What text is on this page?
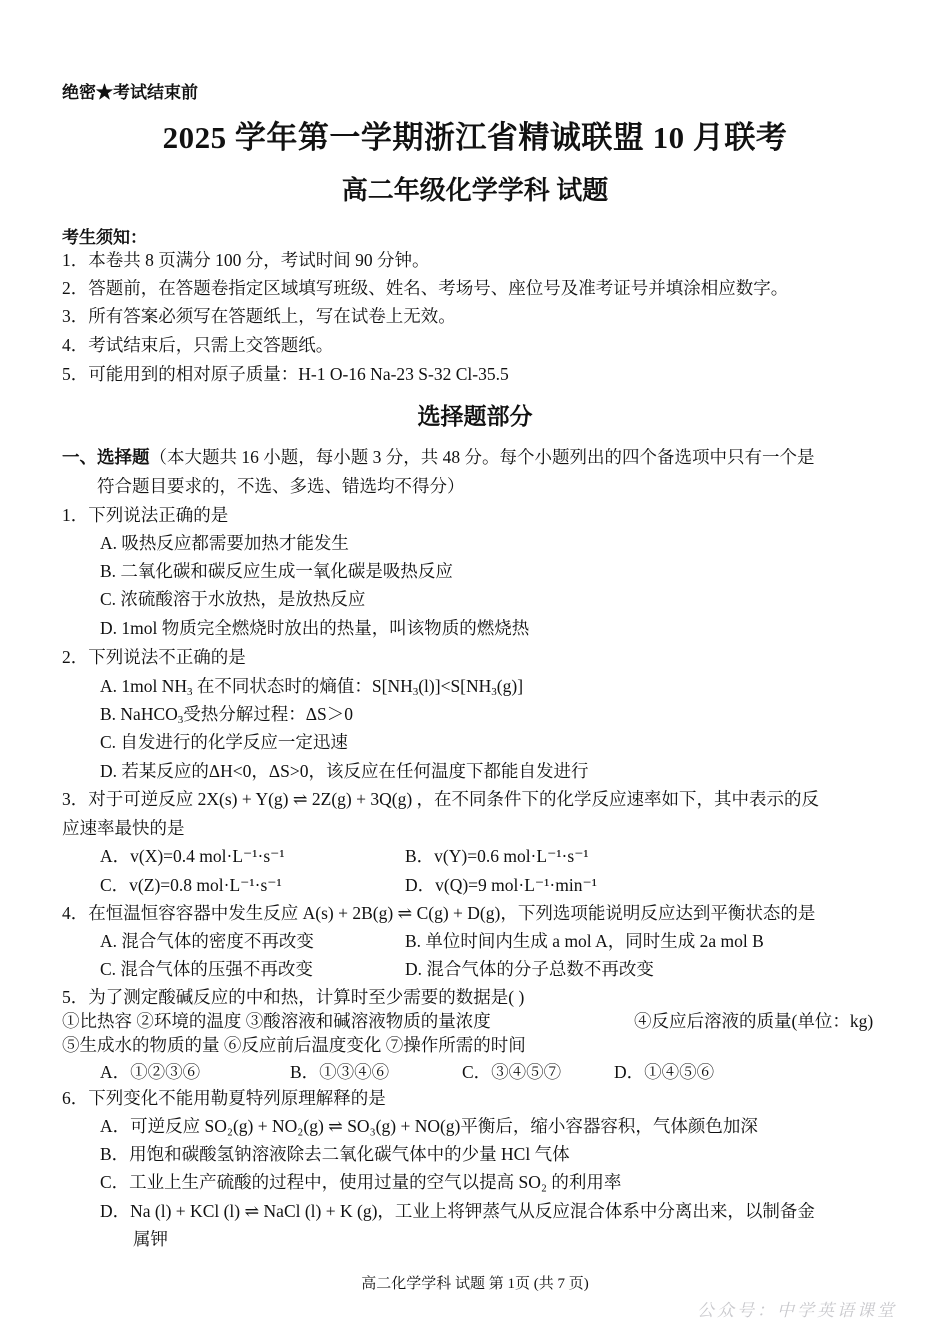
绝密★考试结束前
2025 学年第一学期浙江省精诚联盟 10 月联考
高二年级化学学科 试题
考生须知：
1．本卷共 8 页满分 100 分，考试时间 90 分钟。
2．答题前，在答题卷指定区域填写班级、姓名、考场号、座位号及准考证号并填涂相应数字。
3．所有答案必须写在答题纸上，写在试卷上无效。
4．考试结束后，只需上交答题纸。
5．可能用到的相对原子质量：H-1 O-16 Na-23 S-32 Cl-35.5
选择题部分
一、选择题（本大题共 16 小题，每小题 3 分，共 48 分。每个小题列出的四个备选项中只有一个是
符合题目要求的，不选、多选、错选均不得分）
1．下列说法正确的是
A. 吸热反应都需要加热才能发生
B. 二氧化碳和碳反应生成一氧化碳是吸热反应
C. 浓硫酸溶于水放热，是放热反应
D. 1mol 物质完全燃烧时放出的热量，叫该物质的燃烧热
2．下列说法不正确的是
A. 1mol $NH_3$ 在不同状态时的熵值：$S[NH_3(l)]<S[NH_3(g)]$
B. NaHCO$_3$受热分解过程：ΔS＞0
C. 自发进行的化学反应一定迅速
D. 若某反应的ΔH<0，ΔS>0，该反应在任何温度下都能自发进行
3．对于可逆反应 2X(s) + Y(g) ⇌ 2Z(g) + 3Q(g) ，在不同条件下的化学反应速率如下，其中表示的反
应速率最快的是
A．v(X)=0.4 mol·L⁻¹·s⁻¹	B．v(Y)=0.6 mol·L⁻¹·s⁻¹
C．v(Z)=0.8 mol·L⁻¹·s⁻¹	D．v(Q)=9 mol·L⁻¹·min⁻¹
4．在恒温恒容容器中发生反应 A(s) + 2B(g) ⇌ C(g) + D(g)，下列选项能说明反应达到平衡状态的是
A. 混合气体的密度不再改变	B. 单位时间内生成 a mol A，同时生成 2a mol B
C. 混合气体的压强不再改变	D. 混合气体的分子总数不再改变
5．为了测定酸碱反应的中和热，计算时至少需要的数据是( )
①比热容 ②环境的温度 ③酸溶液和碱溶液物质的量浓度	④反应后溶液的质量(单位：kg)
⑤生成水的物质的量 ⑥反应前后温度变化 ⑦操作所需的时间
A．①②③⑥	B．①③④⑥	C．③④⑤⑦	D．①④⑤⑥
6．下列变化不能用勒夏特列原理解释的是
A．可逆反应 SO₂(g) + NO₂(g) ⇌ SO₃(g) + NO(g)平衡后，缩小容器容积，气体颜色加深
B．用饱和碳酸氢钠溶液除去二氧化碳气体中的少量 HCl 气体
C．工业上生产硫酸的过程中，使用过量的空气以提高 SO₂ 的利用率
D．Na (l) + KCl (l) ⇌ NaCl (l) + K (g)，工业上将钾蒸气从反应混合体系中分离出来，以制备金
属钾
高二化学学科 试题 第 1页 (共 7 页)
公众号：中学英语课堂
